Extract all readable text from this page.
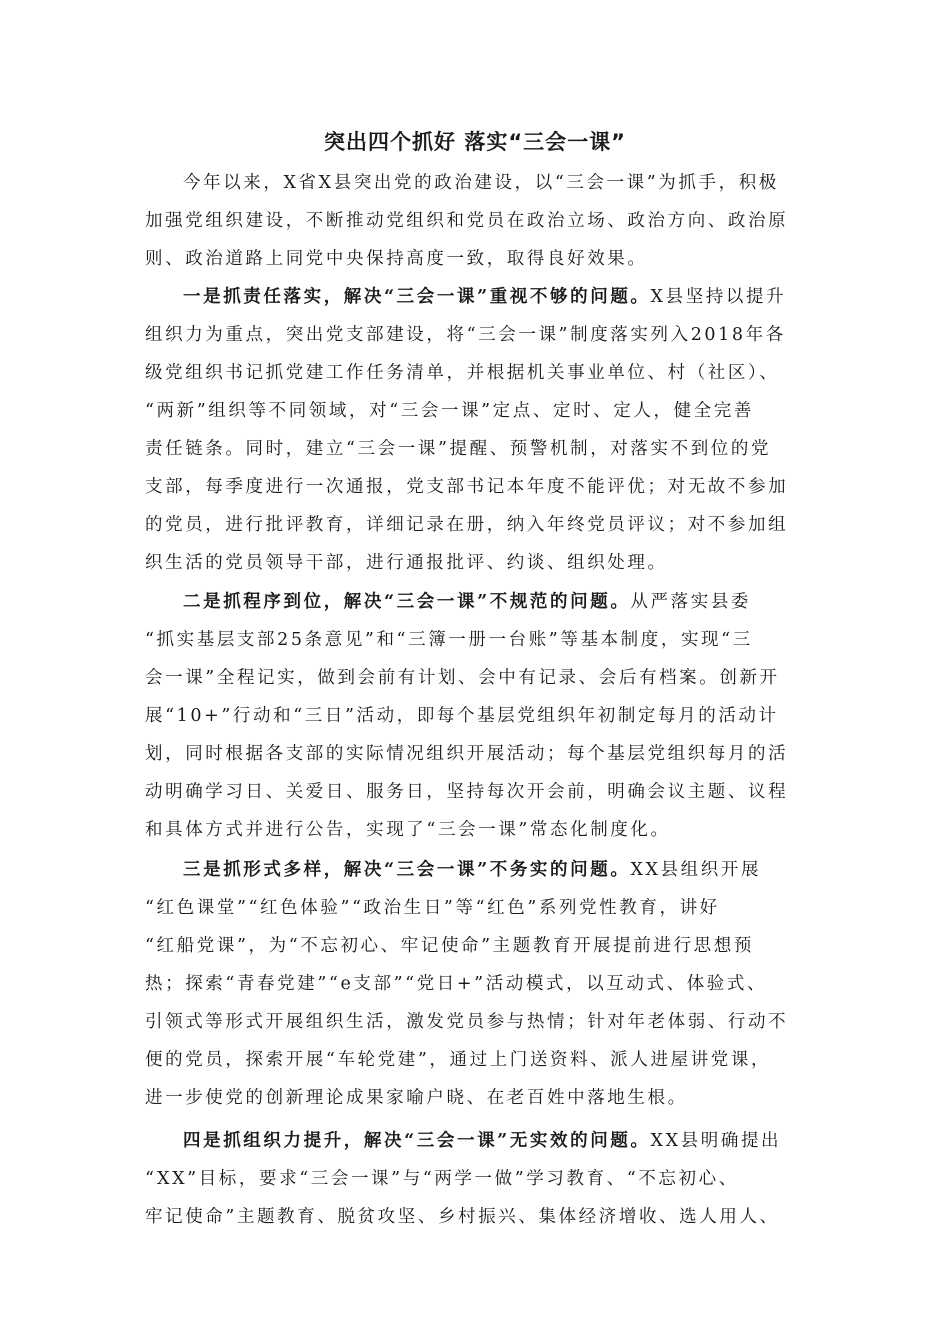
突出四个抓好 落实“三会一课”
今年以来，X省X县突出党的政治建设，以“三会一课”为抓手，积极
加强党组织建设，不断推动党组织和党员在政治立场、政治方向、政治原
则、政治道路上同党中央保持高度一致，取得良好效果。
一是抓责任落实，解决“三会一课”重视不够的问题。X县坚持以提升
组织力为重点，突出党支部建设，将“三会一课”制度落实列入2018年各
级党组织书记抓党建工作任务清单，并根据机关事业单位、村（社区）、
“两新”组织等不同领域，对“三会一课”定点、定时、定人，健全完善
责任链条。同时，建立“三会一课”提醒、预警机制，对落实不到位的党
支部，每季度进行一次通报，党支部书记本年度不能评优；对无故不参加
的党员，进行批评教育，详细记录在册，纳入年终党员评议；对不参加组
织生活的党员领导干部，进行通报批评、约谈、组织处理。
二是抓程序到位，解决“三会一课”不规范的问题。从严落实县委
“抓实基层支部25条意见”和“三簿一册一台账”等基本制度，实现“三
会一课”全程记实，做到会前有计划、会中有记录、会后有档案。创新开
展“10+”行动和“三日”活动，即每个基层党组织年初制定每月的活动计
划，同时根据各支部的实际情况组织开展活动；每个基层党组织每月的活
动明确学习日、关爱日、服务日，坚持每次开会前，明确会议主题、议程
和具体方式并进行公告，实现了“三会一课”常态化制度化。
三是抓形式多样，解决“三会一课”不务实的问题。XX县组织开展
“红色课堂”“红色体验”“政治生日”等“红色”系列党性教育，讲好
“红船党课”，为“不忘初心、牢记使命”主题教育开展提前进行思想预
热；探索“青春党建”“e支部”“党日+”活动模式，以互动式、体验式、
引领式等形式开展组织生活，激发党员参与热情；针对年老体弱、行动不
便的党员，探索开展“车轮党建”，通过上门送资料、派人进屋讲党课，
进一步使党的创新理论成果家喻户晓、在老百姓中落地生根。
四是抓组织力提升，解决“三会一课”无实效的问题。XX县明确提出
“XX”目标，要求“三会一课”与“两学一做”学习教育、“不忘初心、
牢记使命”主题教育、脱贫攻坚、乡村振兴、集体经济增收、选人用人、
